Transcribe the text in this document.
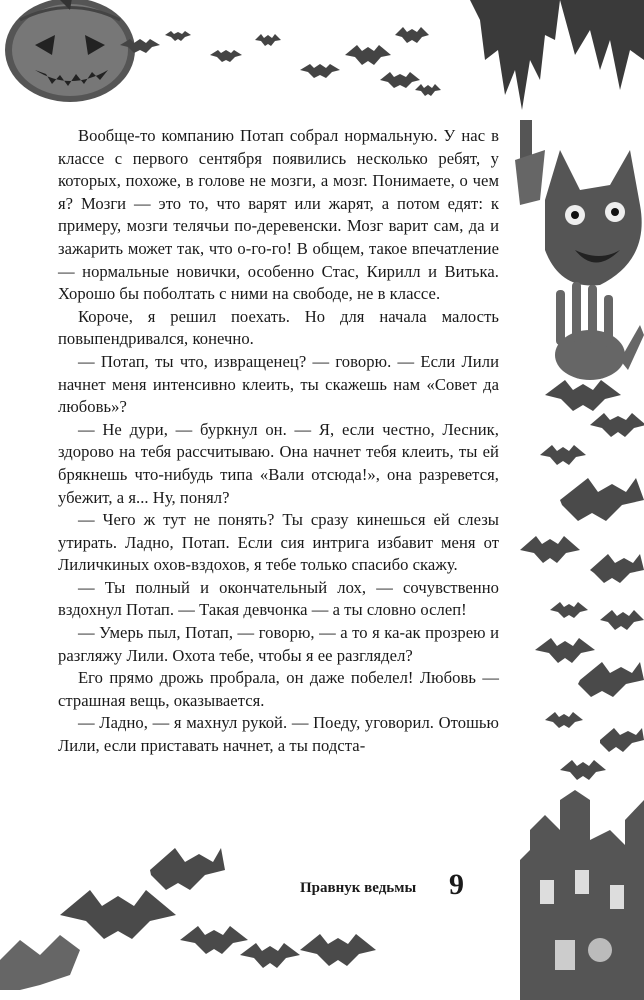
Вообще-то компанию Потап собрал нормальную. У нас в классе с первого сентября появились несколько ребят, у которых, похоже, в голове не мозги, а мозг. Понимаете, о чем я? Мозги — это то, что варят или жарят, а потом едят: к примеру, мозги телячьи по-деревенски. Мозг варит сам, да и зажарить может так, что о-го-го! В общем, такое впечатление — нормальные новички, особенно Стас, Кирилл и Витька. Хорошо бы поболтать с ними на свободе, не в классе.

Короче, я решил поехать. Но для начала малость повыпендривался, конечно.

— Потап, ты что, извращенец? — говорю. — Если Лили начнет меня интенсивно клеить, ты скажешь нам «Совет да любовь»?

— Не дури, — буркнул он. — Я, если честно, Лесник, здорово на тебя рассчитываю. Она начнет тебя клеить, ты ей брякнешь что-нибудь типа «Вали отсюда!», она разревется, убежит, а я... Ну, понял?

— Чего ж тут не понять? Ты сразу кинешься ей слезы утирать. Ладно, Потап. Если сия интрига избавит меня от Лиличкиных охов-вздохов, я тебе только спасибо скажу.

— Ты полный и окончательный лох, — сочувственно вздохнул Потап. — Такая девчонка — а ты словно ослеп!

— Умерь пыл, Потап, — говорю, — а то я ка-ак прозрею и разгляжу Лили. Охота тебе, чтобы я ее разглядел?

Его прямо дрожь пробрала, он даже побелел! Любовь — страшная вещь, оказывается.

— Ладно, — я махнул рукой. — Поеду, уговорил. Отошью Лили, если приставать начнет, а ты подста-

Правнук ведьмы 9
